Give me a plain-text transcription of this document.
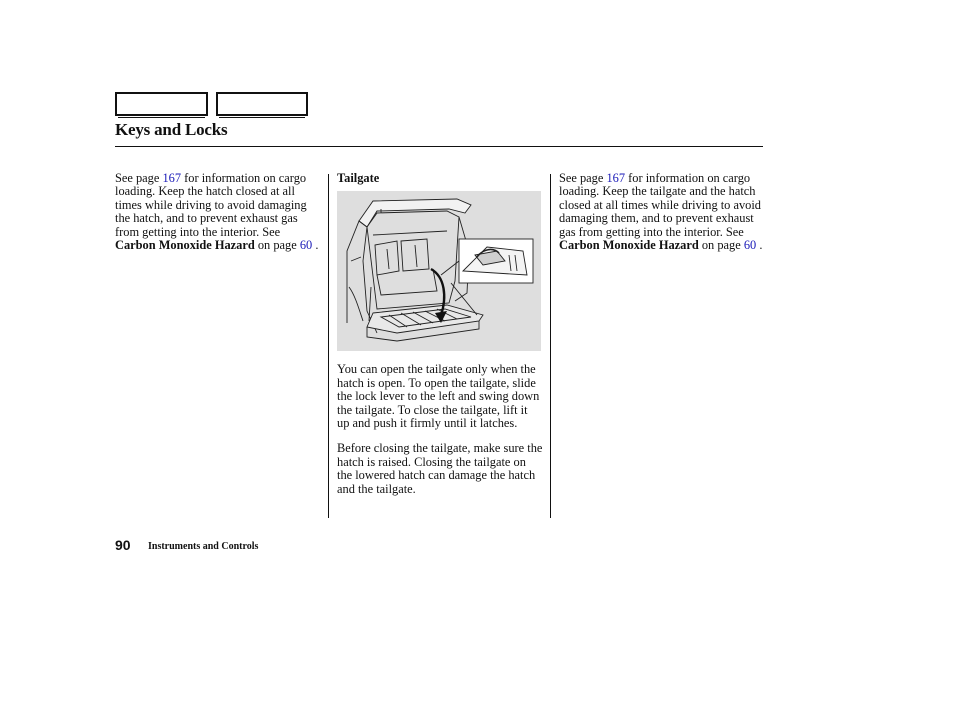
Keys and Locks

See page 167 for information on cargo loading. Keep the hatch closed at all times while driving to avoid damaging the hatch, and to prevent exhaust gas from getting into the interior. See Carbon Monoxide Hazard on page 60 .

Tailgate

You can open the tailgate only when the hatch is open. To open the tailgate, slide the lock lever to the left and swing down the tailgate. To close the tailgate, lift it up and push it firmly until it latches.

Before closing the tailgate, make sure the hatch is raised. Closing the tailgate on the lowered hatch can damage the hatch and the tailgate.

See page 167 for information on cargo loading. Keep the tailgate and the hatch closed at all times while driving to avoid damaging them, and to prevent exhaust gas from getting into the interior. See Carbon Monoxide Hazard on page 60 .

90 Instruments and Controls
